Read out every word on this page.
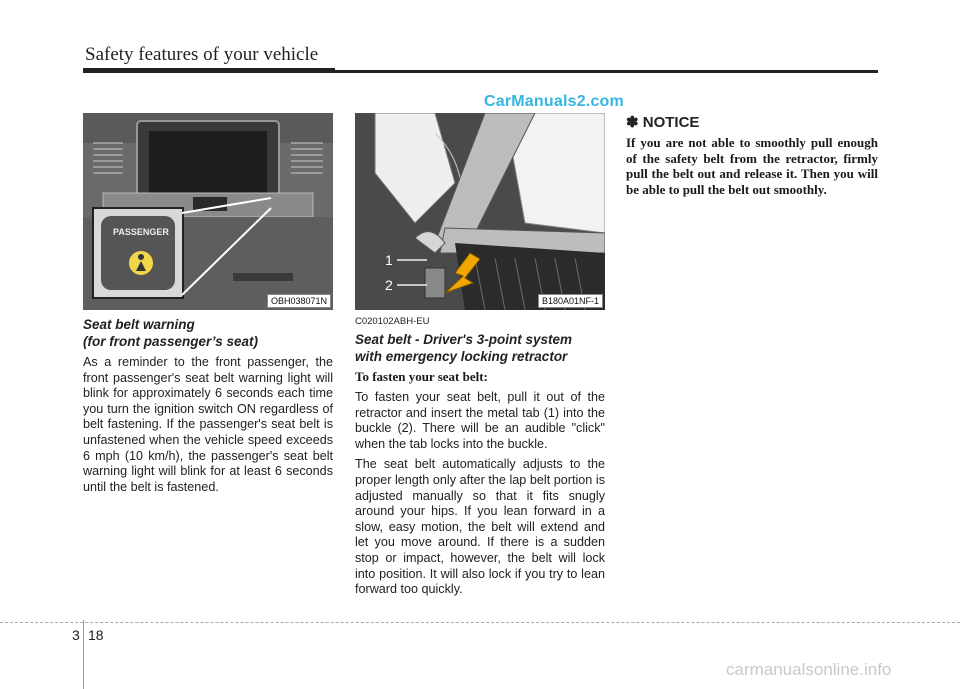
Safety features of your vehicle
CarManuals2.com
PASSENGER
OBH038071N
Seat belt warning
(for front passenger’s seat)
As a reminder to the front passenger, the front passenger's seat belt warning light will blink for approximately 6 seconds each time you turn the ignition switch ON regardless of belt fastening. If the passenger's seat belt is unfastened when the vehicle speed exceeds 6 mph (10 km/h), the passenger's seat belt warning light will blink for at least 6 seconds until the belt is fastened.
1
2
B180A01NF-1
C020102ABH-EU
Seat belt - Driver's 3-point system
with emergency locking retractor
To fasten your seat belt:
To fasten your seat belt, pull it out of the retractor and insert the metal tab (1) into the buckle (2). There will be an audible "click" when the tab locks into the buckle.
The seat belt automatically adjusts to the proper length only after the lap belt portion is adjusted manually so that it fits snugly around your hips. If you lean forward in a slow, easy motion, the belt will extend and let you move around. If there is a sudden stop or impact, however, the belt will lock into position. It will also lock if you try to lean forward too quickly.
✽ NOTICE
If you are not able to smoothly pull enough of the safety belt from the retractor, firmly pull the belt out and release it. Then you will be able to pull the belt out smoothly.
3 18
carmanualsonline.info
